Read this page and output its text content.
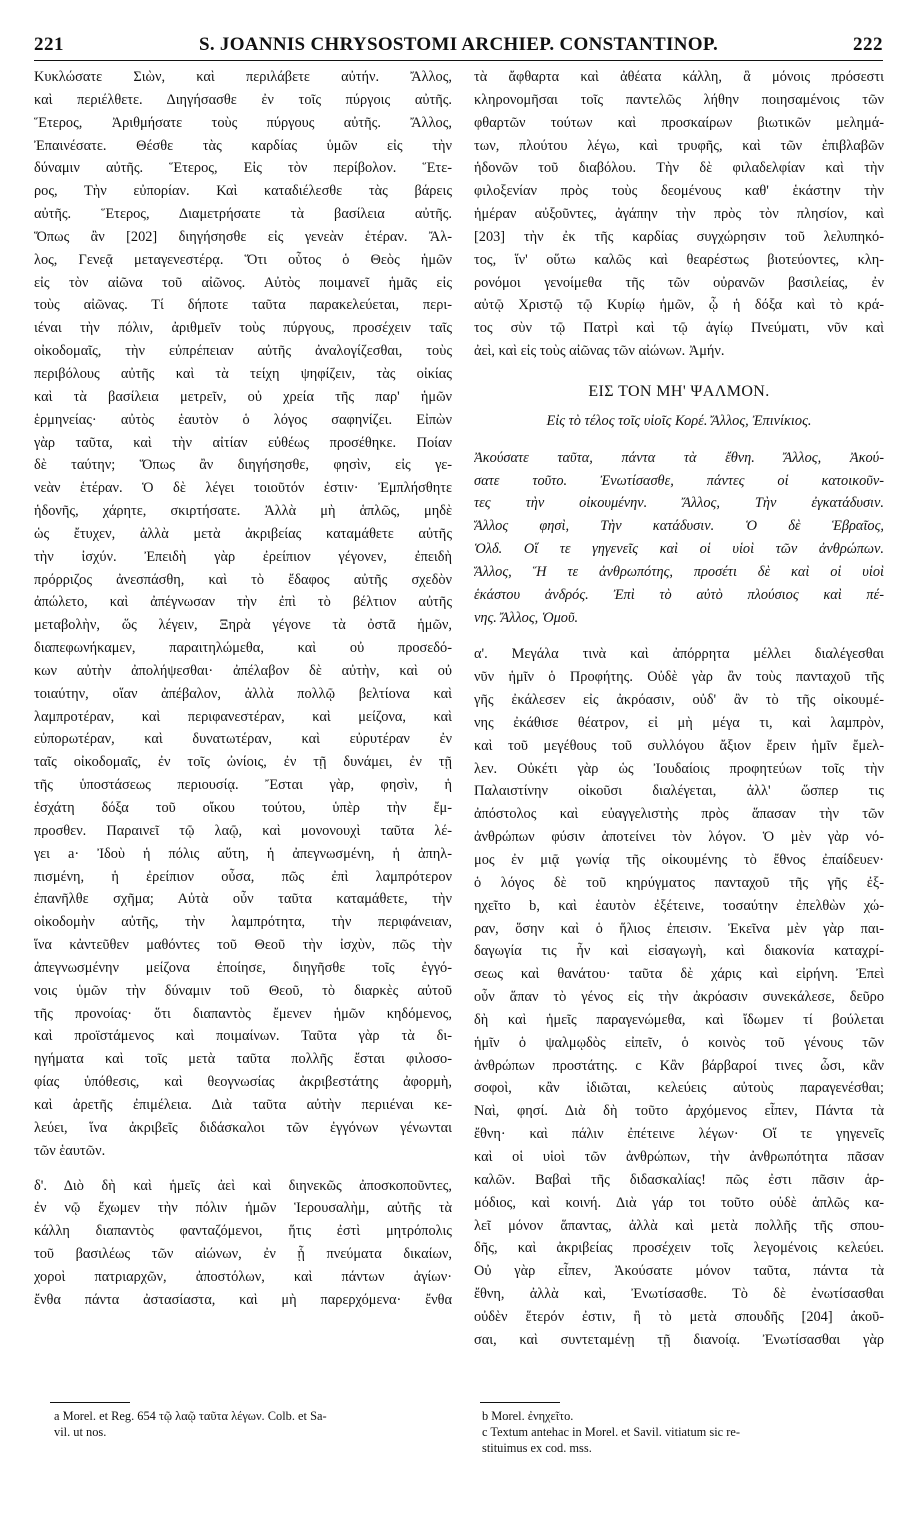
221	S. JOANNIS CHRYSOSTOMI ARCHIEP. CONSTANTINOP.	222
Κυκλώσατε Σιὼν, καὶ περιλάβετε αὐτήν. Ἄλλος,
καὶ περιέλθετε. Διηγήσασθε ἐν τοῖς πύργοις αὐτῆς.
Ἕτερος, Ἀριθμήσατε τοὺς πύργους αὐτῆς. Ἄλλος,
Ἐπαινέσατε. Θέσθε τὰς καρδίας ὑμῶν εἰς τὴν
δύναμιν αὐτῆς. Ἕτερος, Εἰς τὸν περίβολον. Ἕτε-
ρος, Τὴν εὐπορίαν. Καὶ καταδιέλεσθε τὰς βάρεις
αὐτῆς. Ἕτερος, Διαμετρήσατε τὰ βασίλεια αὐτῆς.
Ὅπως ἂν [202] διηγήσησθε εἰς γενεὰν ἑτέραν. Ἄλ-
λος, Γενεᾷ μεταγενεστέρᾳ. Ὅτι οὗτος ὁ Θεὸς ἡμῶν
εἰς τὸν αἰῶνα τοῦ αἰῶνος. Αὐτὸς ποιμανεῖ ἡμᾶς εἰς
τοὺς αἰῶνας. Τί δήποτε ταῦτα παρακελεύεται, περι-
ιέναι τὴν πόλιν, ἀριθμεῖν τοὺς πύργους, προσέχειν ταῖς
οἰκοδομαῖς, τὴν εὐπρέπειαν αὐτῆς ἀναλογίζεσθαι, τοὺς
περιβόλους αὐτῆς καὶ τὰ τείχη ψηφίζειν, τὰς οἰκίας
καὶ τὰ βασίλεια μετρεῖν, οὐ χρεία τῆς παρ' ἡμῶν
ἑρμηνείας· αὐτὸς ἑαυτὸν ὁ λόγος σαφηνίζει. Εἰπὼν
γὰρ ταῦτα, καὶ τὴν αἰτίαν εὐθέως προσέθηκε. Ποίαν
δὲ ταύτην; Ὅπως ἂν διηγήσησθε, φησὶν, εἰς γε-
νεὰν ἑτέραν. Ὁ δὲ λέγει τοιοῦτόν ἐστιν· Ἐμπλήσθητε
ἡδονῆς, χάρητε, σκιρτήσατε. Ἀλλὰ μὴ ἁπλῶς, μηδὲ
ὡς ἔτυχεν, ἀλλὰ μετὰ ἀκριβείας καταμάθετε αὐτῆς
τὴν ἰσχύν. Ἐπειδὴ γὰρ ἐρείπιον γέγονεν, ἐπειδὴ
πρόρριζος ἀνεσπάσθη, καὶ τὸ ἔδαφος αὐτῆς σχεδὸν
ἀπώλετο, καὶ ἀπέγνωσαν τὴν ἐπὶ τὸ βέλτιον αὐτῆς
μεταβολὴν, ὥς λέγειν, Ξηρὰ γέγονε τὰ ὀστᾶ ἡμῶν,
διαπεφωνήκαμεν, παραιτηλώμεθα, καὶ οὐ προσεδό-
κων αὐτὴν ἀπολήψεσθαι· ἀπέλαβον δὲ αὐτὴν, καὶ οὐ
τοιαύτην, οἵαν ἀπέβαλον, ἀλλὰ πολλῷ βελτίονα καὶ
λαμπροτέραν, καὶ περιφανεστέραν, καὶ μείζονα, καὶ
εὐπορωτέραν, καὶ δυνατωτέραν, καὶ εὐρυτέραν ἐν
ταῖς οἰκοδομαῖς, ἐν τοῖς ὠνίοις, ἐν τῇ δυνάμει, ἐν τῇ
τῆς ὑποστάσεως περιουσίᾳ. Ἔσται γὰρ, φησὶν, ἡ
ἐσχάτη δόξα τοῦ οἴκου τούτου, ὑπὲρ τὴν ἔμ-
προσθεν. Παραινεῖ τῷ λαῷ, καὶ μονονουχὶ ταῦτα λέ-
γει a· Ἰδοὺ ἡ πόλις αὕτη, ἡ ἀπεγνωσμένη, ἡ ἀπηλ-
πισμένη, ἡ ἐρείπιον οὖσα, πῶς ἐπὶ λαμπρότερον
ἐπανῆλθε σχῆμα; Αὐτὰ οὖν ταῦτα καταμάθετε, τὴν
οἰκοδομὴν αὐτῆς, τὴν λαμπρότητα, τὴν περιφάνειαν,
ἵνα κἀντεῦθεν μαθόντες τοῦ Θεοῦ τὴν ἰσχὺν, πῶς τὴν
ἀπεγνωσμένην μείζονα ἐποίησε, διηγῆσθε τοῖς ἐγγό-
νοις ὑμῶν τὴν δύναμιν τοῦ Θεοῦ, τὸ διαρκὲς αὐτοῦ
τῆς προνοίας· ὅτι διαπαντὸς ἔμενεν ἡμῶν κηδόμενος,
καὶ προϊστάμενος καὶ ποιμαίνων. Ταῦτα γὰρ τὰ δι-
ηγήματα καὶ τοῖς μετὰ ταῦτα πολλῆς ἔσται φιλοσο-
φίας ὑπόθεσις, καὶ θεογνωσίας ἀκριβεστάτης ἀφορμὴ,
καὶ ἀρετῆς ἐπιμέλεια. Διὰ ταῦτα αὐτὴν περιιέναι κε-
λεύει, ἵνα ἀκριβεῖς διδάσκαλοι τῶν ἐγγόνων γένωνται
τῶν ἑαυτῶν.
δ'. Διὸ δὴ καὶ ἡμεῖς ἀεὶ καὶ διηνεκῶς ἀποσκοποῦντες,
ἐν νῷ ἔχωμεν τὴν πόλιν ἡμῶν Ἱερουσαλὴμ, αὐτῆς τὰ
κάλλη διαπαντὸς φανταζόμενοι, ἥτις ἐστὶ μητρόπολις
τοῦ βασιλέως τῶν αἰώνων, ἐν ᾗ πνεύματα δικαίων,
χοροὶ πατριαρχῶν, ἀποστόλων, καὶ πάντων ἁγίων·
ἔνθα πάντα ἀστασίαστα, καὶ μὴ παρερχόμενα· ἔνθα
τὰ ἄφθαρτα καὶ ἀθέατα κάλλη, ἃ μόνοις πρόσεστι
κληρονομῆσαι τοῖς παντελῶς λήθην ποιησαμένοις τῶν
φθαρτῶν τούτων καὶ προσκαίρων βιωτικῶν μελημά-
των, πλούτου λέγω, καὶ τρυφῆς, καὶ τῶν ἐπιβλαβῶν
ἡδονῶν τοῦ διαβόλου. Τὴν δὲ φιλαδελφίαν καὶ τὴν
φιλοξενίαν πρὸς τοὺς δεομένους καθ' ἑκάστην τὴν
ἡμέραν αὐξοῦντες, ἀγάπην τὴν πρὸς τὸν πλησίον, καὶ
[203] τὴν ἐκ τῆς καρδίας συγχώρησιν τοῦ λελυπηκό-
τος, ἵν' οὕτω καλῶς καὶ θεαρέστως βιοτεύοντες, κλη-
ρονόμοι γενοίμεθα τῆς τῶν οὐρανῶν βασιλείας, ἐν
αὐτῷ Χριστῷ τῷ Κυρίῳ ἡμῶν, ᾧ ἡ δόξα καὶ τὸ κρά-
τος σὺν τῷ Πατρὶ καὶ τῷ ἁγίῳ Πνεύματι, νῦν καὶ
ἀεὶ, καὶ εἰς τοὺς αἰῶνας τῶν αἰώνων. Ἀμήν.
ΕΙΣ ΤΟΝ ΜΗ' ΨΑΛΜΟΝ.
Εἰς τὸ τέλος τοῖς υἱοῖς Κορέ. Ἄλλος, Ἐπινίκιος.
Ἀκούσατε ταῦτα, πάντα τὰ ἔθνη. Ἄλλος, Ἀκού-
σατε τοῦτο. Ἐνωτίσασθε, πάντες οἱ κατοικοῦν-
τες τὴν οἰκουμένην. Ἄλλος, Τὴν ἐγκατάδυσιν.
Ἄλλος φησὶ, Τὴν κατάδυσιν. Ὁ δὲ Ἑβραῖος,
Ὁλδ. Οἵ τε γηγενεῖς καὶ οἱ υἱοὶ τῶν ἀνθρώπων.
Ἄλλος, Ἥ τε ἀνθρωπότης, προσέτι δὲ καὶ οἱ υἱοὶ
ἑκάστου ἀνδρός. Ἐπὶ τὸ αὐτὸ πλούσιος καὶ πέ-
νης. Ἄλλος, Ὁμοῦ.
α'. Μεγάλα τινὰ καὶ ἀπόρρητα μέλλει διαλέγεσθαι
νῦν ἡμῖν ὁ Προφήτης. Οὐδὲ γὰρ ἂν τοὺς πανταχοῦ τῆς
γῆς ἐκάλεσεν εἰς ἀκρόασιν, οὐδ' ἂν τὸ τῆς οἰκουμέ-
νης ἐκάθισε θέατρον, εἰ μὴ μέγα τι, καὶ λαμπρὸν,
καὶ τοῦ μεγέθους τοῦ συλλόγου ἄξιον ἔρειν ἡμῖν ἔμελ-
λεν. Οὐκέτι γὰρ ὡς Ἰουδαίοις προφητεύων τοῖς τὴν
Παλαιστίνην οἰκοῦσι διαλέγεται, ἀλλ' ὥσπερ τις
ἀπόστολος καὶ εὐαγγελιστὴς πρὸς ἅπασαν τὴν τῶν
ἀνθρώπων φύσιν ἀποτείνει τὸν λόγον. Ὁ μὲν γὰρ νό-
μος ἐν μιᾷ γωνίᾳ τῆς οἰκουμένης τὸ ἔθνος ἐπαίδευεν·
ὁ λόγος δὲ τοῦ κηρύγματος πανταχοῦ τῆς γῆς ἐξ-
ηχεῖτο b, καὶ ἑαυτὸν ἐξέτεινε, τοσαύτην ἐπελθὼν χώ-
ραν, ὅσην καὶ ὁ ἥλιος ἐπεισιν. Ἐκεῖνα μὲν γὰρ παι-
δαγωγία τις ἦν καὶ εἰσαγωγὴ, καὶ διακονία καταχρί-
σεως καὶ θανάτου· ταῦτα δὲ χάρις καὶ εἰρήνη. Ἐπεὶ
οὖν ἅπαν τὸ γένος εἰς τὴν ἀκρόασιν συνεκάλεσε, δεῦρο
δὴ καὶ ἡμεῖς παραγενώμεθα, καὶ ἴδωμεν τί βούλεται
ἡμῖν ὁ ψαλμῳδὸς εἰπεῖν, ὁ κοινὸς τοῦ γένους τῶν
ἀνθρώπων προστάτης. c Κἂν βάρβαροί τινες ὦσι, κἂν
σοφοὶ, κἂν ἰδιῶται, κελεύεις αὐτοὺς παραγενέσθαι;
Ναὶ, φησί. Διὰ δὴ τοῦτο ἀρχόμενος εἶπεν, Πάντα τὰ
ἔθνη· καὶ πάλιν ἐπέτεινε λέγων· Οἵ τε γηγενεῖς
καὶ οἱ υἱοὶ τῶν ἀνθρώπων, τὴν ἀνθρωπότητα πᾶσαν
καλῶν. Βαβαὶ τῆς διδασκαλίας! πῶς ἐστι πᾶσιν ἁρ-
μόδιος, καὶ κοινή. Διὰ γάρ τοι τοῦτο οὐδὲ ἁπλῶς κα-
λεῖ μόνον ἅπαντας, ἀλλὰ καὶ μετὰ πολλῆς τῆς σπου-
δῆς, καὶ ἀκριβείας προσέχειν τοῖς λεγομένοις κελεύει.
Οὐ γὰρ εἶπεν, Ἀκούσατε μόνον ταῦτα, πάντα τὰ
ἔθνη, ἀλλὰ καὶ, Ἐνωτίσασθε. Τὸ δὲ ἐνωτίσασθαι
οὐδὲν ἕτερόν ἐστιν, ἢ τὸ μετὰ σπουδῆς [204] ἀκοῦ-
σαι, καὶ συντεταμένῃ τῇ διανοίᾳ. Ἐνωτίσασθαι γὰρ
a Morel. et Reg. 654 τῷ λαῷ ταῦτα λέγων. Colb. et Sa-
vil. ut nos.
b Morel. ἐνηχεῖτο.
c Textum antehac in Morel. et Savil. vitiatum sic re-
stituimus ex cod. mss.
